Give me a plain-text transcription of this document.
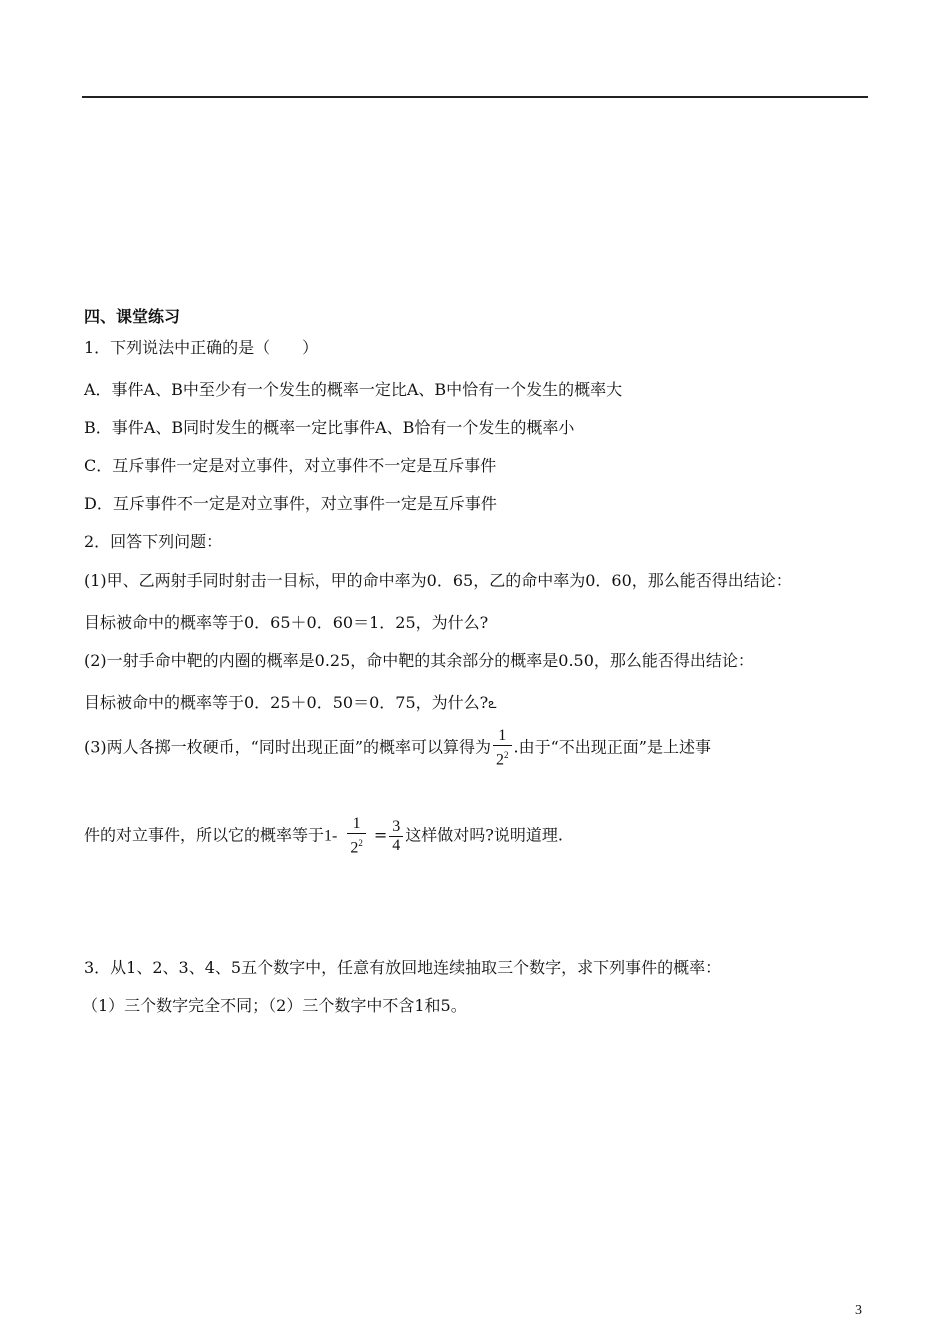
四、课堂练习
1．下列说法中正确的是（　　）
A．事件A、B中至少有一个发生的概率一定比A、B中恰有一个发生的概率大
B．事件A、B同时发生的概率一定比事件A、B恰有一个发生的概率小
C．互斥事件一定是对立事件，对立事件不一定是互斥事件
D．互斥事件不一定是对立事件，对立事件一定是互斥事件
2．回答下列问题：
(1)甲、乙两射手同时射击一目标，甲的命中率为0．65，乙的命中率为0．60，那么能否得出结论：
目标被命中的概率等于0．65＋0．60＝1．25，为什么?
(2)一射手命中靶的内圈的概率是0.25，命中靶的其余部分的概率是0.50，那么能否得出结论：
目标被命中的概率等于0．25＋0．50＝0．75，为什么?ఽ
(3)两人各掷一枚硬币，“同时出现正面”的概率可以算得为 $\frac{1}{2^2}$ .由于“不出现正面”是上述事
件的对立事件，所以它的概率等于$1- \frac{1}{2^2} = \frac{3}{4}$ 这样做对吗?说明道理.
3．从1、2、3、4、5五个数字中，任意有放回地连续抽取三个数字，求下列事件的概率：
（1）三个数字完全不同；（2）三个数字中不含1和5。
3
